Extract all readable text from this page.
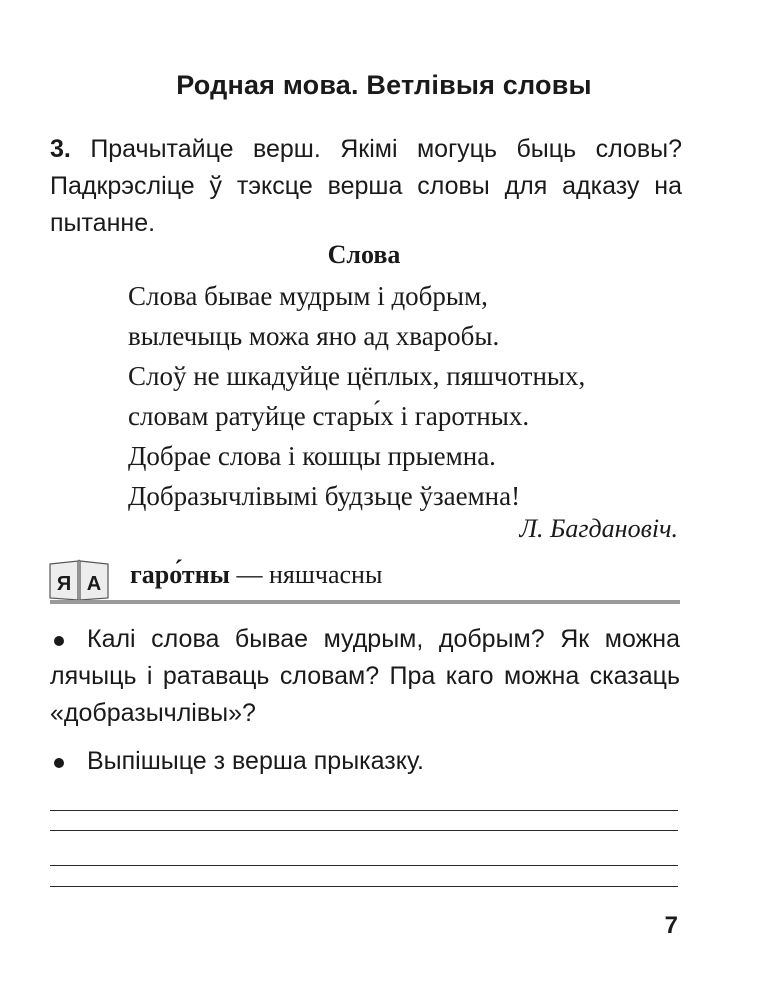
Родная мова. Ветлівыя словы
3. Прачытайце верш. Якімі могуць быць словы? Падкрэсліце ў тэксце верша словы для адказу на пытанне.
Слова
Слова бывае мудрым і добрым,
вылечыць можа яно ад хваробы.
Слоў не шкадуйце цёплых, пяшчотных,
словам ратуйце стары́х і гаротных.
Добрае слова і кошцы прыемна.
Добразычлівымі будзьце ўзаемна!
Л. Багдановіч.
Я А гаро́тны — няшчасны
Калі слова бывае мудрым, добрым? Як можна лячыць і ратаваць словам? Пра каго можна сказаць «добразычлівы»?
Выпішыце з верша прыказку.
7
